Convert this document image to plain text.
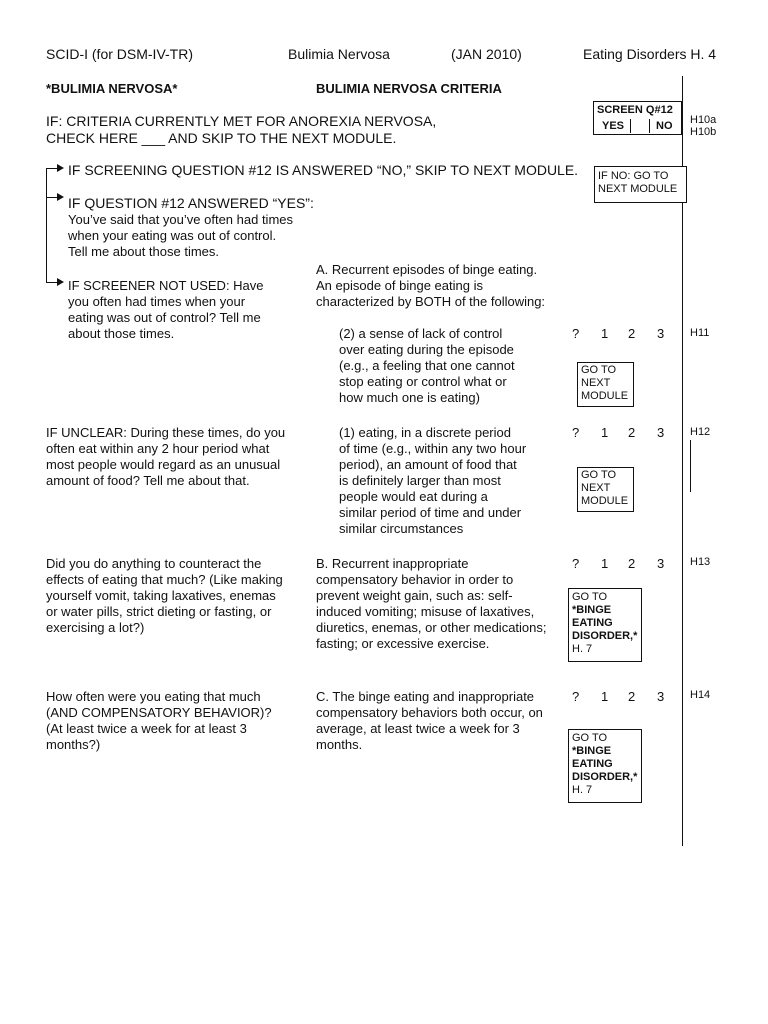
SCID-I (for DSM-IV-TR)	Bulimia Nervosa	(JAN 2010)	Eating Disorders H. 4
*BULIMIA NERVOSA*	BULIMIA NERVOSA CRITERIA
IF: CRITERIA CURRENTLY MET FOR ANOREXIA NERVOSA,
CHECK HERE ___ AND SKIP TO THE NEXT MODULE.
SCREEN Q#12
YES	NO H10a
H10b
IF NO: GO TO
NEXT MODULE
IF SCREENING QUESTION #12 IS ANSWERED “NO,” SKIP TO NEXT MODULE.
IF QUESTION #12 ANSWERED “YES”:
You’ve said that you’ve often had times
when your eating was out of control.
Tell me about those times.
IF SCREENER NOT USED: Have
you often had times when your
eating was out of control? Tell me
about those times.
A. Recurrent episodes of binge eating.
An episode of binge eating is
characterized by BOTH of the following:
(2) a sense of lack of control
over eating during the episode
(e.g., a feeling that one cannot
stop eating or control what or
how much one is eating)
? 1 2 3 H11
GO TO
NEXT
MODULE
IF UNCLEAR: During these times, do you
often eat within any 2 hour period what
most people would regard as an unusual
amount of food? Tell me about that.
(1) eating, in a discrete period
of time (e.g., within any two hour
period), an amount of food that
is definitely larger than most
people would eat during a
similar period of time and under
similar circumstances
? 1 2 3 H12
GO TO
NEXT
MODULE
Did you do anything to counteract the
effects of eating that much? (Like making
yourself vomit, taking laxatives, enemas
or water pills, strict dieting or fasting, or
exercising a lot?)
B. Recurrent inappropriate
compensatory behavior in order to
prevent weight gain, such as: self-
induced vomiting; misuse of laxatives,
diuretics, enemas, or other medications;
fasting; or excessive exercise.
? 1 2 3 H13
GO TO
*BINGE
EATING
DISORDER,*
H. 7
How often were you eating that much
(AND COMPENSATORY BEHAVIOR)?
(At least twice a week for at least 3
months?)
C. The binge eating and inappropriate
compensatory behaviors both occur, on
average, at least twice a week for 3
months.
? 1 2 3 H14
GO TO
*BINGE
EATING
DISORDER,*
H. 7
